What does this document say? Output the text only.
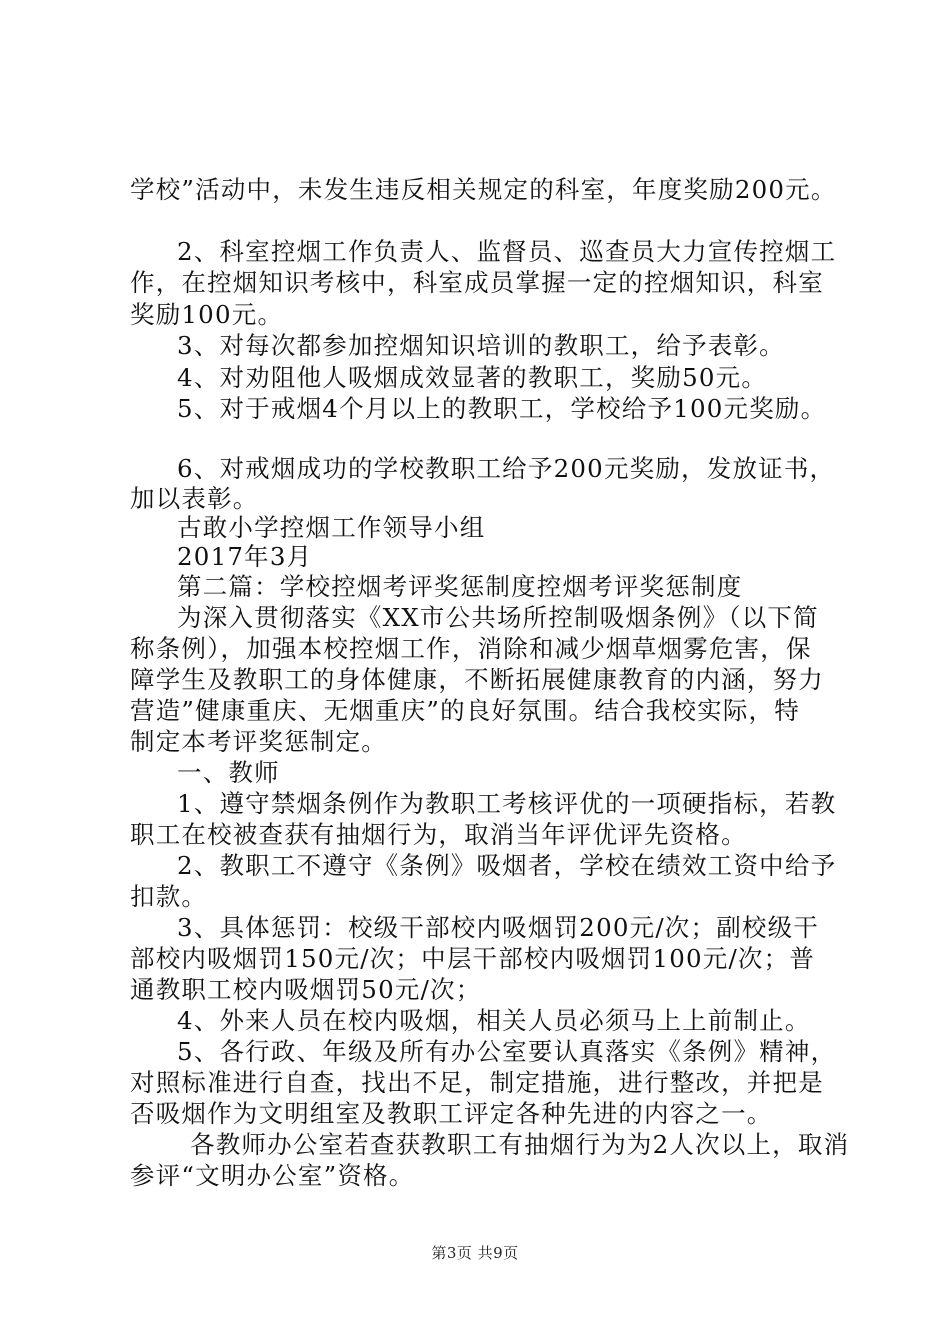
学校”活动中，未发生违反相关规定的科室，年度奖励200元。
2、科室控烟工作负责人、监督员、巡查员大力宣传控烟工
作，在控烟知识考核中，科室成员掌握一定的控烟知识，科室
奖励100元。
3、对每次都参加控烟知识培训的教职工，给予表彰。
4、对劝阻他人吸烟成效显著的教职工，奖励50元。
5、对于戒烟4个月以上的教职工，学校给予100元奖励。
6、对戒烟成功的学校教职工给予200元奖励，发放证书，
加以表彰。
古敢小学控烟工作领导小组
2017年3月
第二篇：学校控烟考评奖惩制度控烟考评奖惩制度
为深入贯彻落实《XX市公共场所控制吸烟条例》（以下简
称条例），加强本校控烟工作，消除和减少烟草烟雾危害，保
障学生及教职工的身体健康，不断拓展健康教育的内涵，努力
营造”健康重庆、无烟重庆”的良好氛围。结合我校实际，特
制定本考评奖惩制定。
一、教师
1、遵守禁烟条例作为教职工考核评优的一项硬指标，若教
职工在校被查获有抽烟行为，取消当年评优评先资格。
2、教职工不遵守《条例》吸烟者，学校在绩效工资中给予
扣款。
3、具体惩罚：校级干部校内吸烟罚200元/次；副校级干
部校内吸烟罚150元/次；中层干部校内吸烟罚100元/次；普
通教职工校内吸烟罚50元/次；
4、外来人员在校内吸烟，相关人员必须马上上前制止。
5、各行政、年级及所有办公室要认真落实《条例》精神，
对照标准进行自查，找出不足，制定措施，进行整改，并把是
否吸烟作为文明组室及教职工评定各种先进的内容之一。
各教师办公室若查获教职工有抽烟行为为2人次以上，取消
参评“文明办公室”资格。
第3页 共9页
